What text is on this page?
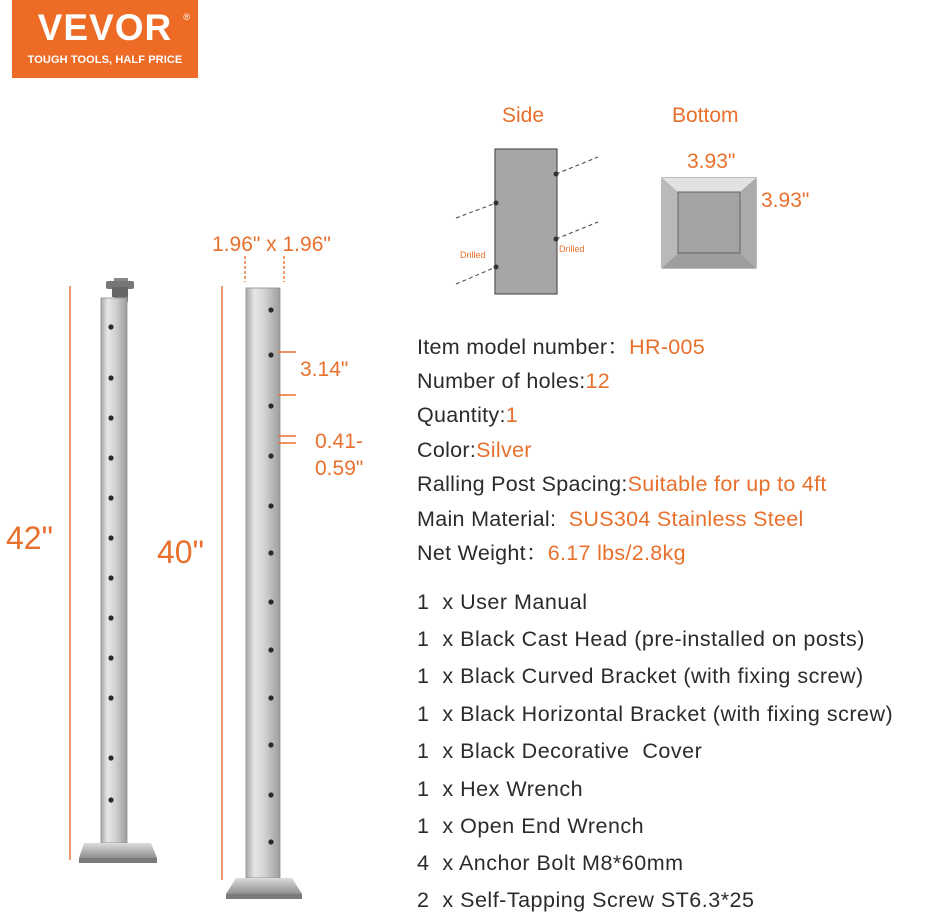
VEVOR	®
TOUGH TOOLS, HALF PRICE
Side	Bottom
Drilled
Drilled
3.93"
3.93"
1.96" x 1.96"
3.14"
0.41-
0.59"
42"	40"
Item model number：HR-005
Number of holes:12
Quantity:1
Color:Silver
Ralling Post Spacing:Suitable for up to 4ft
Main Material:  SUS304 Stainless Steel
Net Weight：6.17 lbs/2.8kg
1  x User Manual
1  x Black Cast Head (pre-installed on posts)
1  x Black Curved Bracket (with fixing screw)
1  x Black Horizontal Bracket (with fixing screw)
1  x Black Decorative  Cover
1  x Hex Wrench
1  x Open End Wrench
4  x Anchor Bolt M8*60mm
2  x Self-Tapping Screw ST6.3*25
